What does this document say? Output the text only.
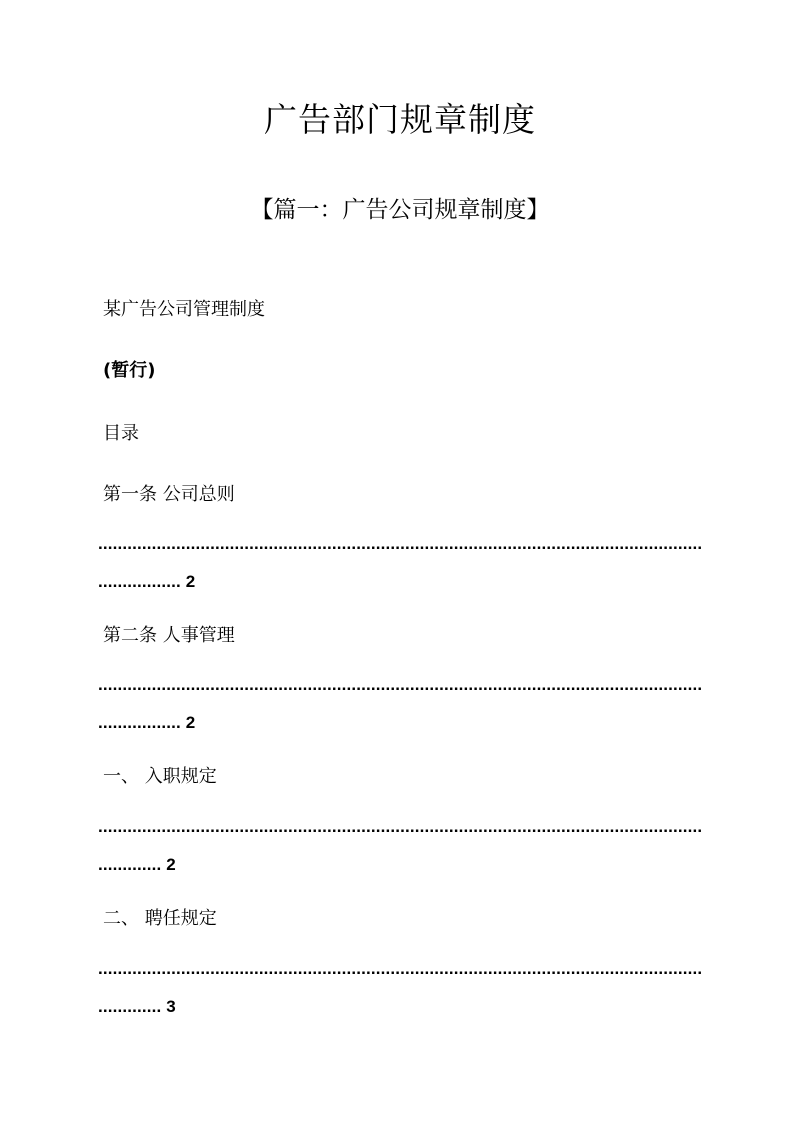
广告部门规章制度
【篇一：广告公司规章制度】
某广告公司管理制度
(暂行)
目录
第一条 公司总则
.....
................. 2
第二条 人事管理
.....
................. 2
一、 入职规定
.....
............. 2
二、 聘任规定
.....
............. 3
